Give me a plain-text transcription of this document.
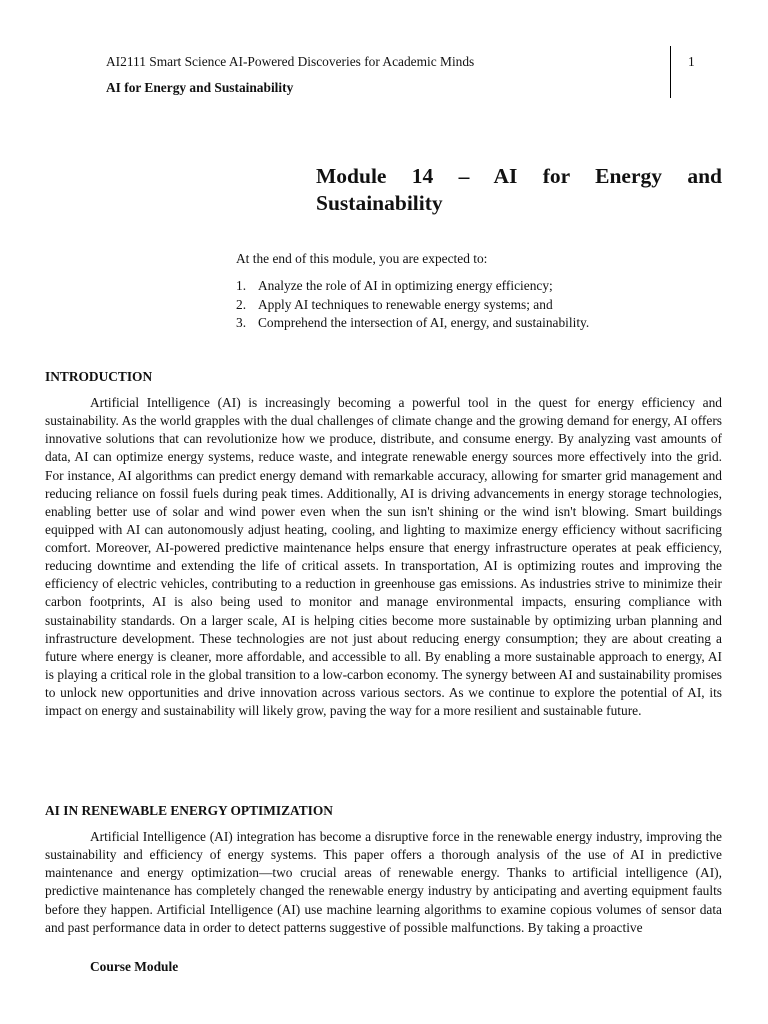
AI2111 Smart Science AI-Powered Discoveries for Academic Minds
AI for Energy and Sustainability
1
Module 14 – AI for Energy and Sustainability
At the end of this module, you are expected to:
1. Analyze the role of AI in optimizing energy efficiency;
2. Apply AI techniques to renewable energy systems; and
3. Comprehend the intersection of AI, energy, and sustainability.
INTRODUCTION

Artificial Intelligence (AI) is increasingly becoming a powerful tool in the quest for energy efficiency and sustainability. As the world grapples with the dual challenges of climate change and the growing demand for energy, AI offers innovative solutions that can revolutionize how we produce, distribute, and consume energy. By analyzing vast amounts of data, AI can optimize energy systems, reduce waste, and integrate renewable energy sources more effectively into the grid. For instance, AI algorithms can predict energy demand with remarkable accuracy, allowing for smarter grid management and reducing reliance on fossil fuels during peak times. Additionally, AI is driving advancements in energy storage technologies, enabling better use of solar and wind power even when the sun isn't shining or the wind isn't blowing. Smart buildings equipped with AI can autonomously adjust heating, cooling, and lighting to maximize energy efficiency without sacrificing comfort. Moreover, AI-powered predictive maintenance helps ensure that energy infrastructure operates at peak efficiency, reducing downtime and extending the life of critical assets. In transportation, AI is optimizing routes and improving the efficiency of electric vehicles, contributing to a reduction in greenhouse gas emissions. As industries strive to minimize their carbon footprints, AI is also being used to monitor and manage environmental impacts, ensuring compliance with sustainability standards. On a larger scale, AI is helping cities become more sustainable by optimizing urban planning and infrastructure development. These technologies are not just about reducing energy consumption; they are about creating a future where energy is cleaner, more affordable, and accessible to all. By enabling a more sustainable approach to energy, AI is playing a critical role in the global transition to a low-carbon economy. The synergy between AI and sustainability promises to unlock new opportunities and drive innovation across various sectors. As we continue to explore the potential of AI, its impact on energy and sustainability will likely grow, paving the way for a more resilient and sustainable future.

AI IN RENEWABLE ENERGY OPTIMIZATION

Artificial Intelligence (AI) integration has become a disruptive force in the renewable energy industry, improving the sustainability and efficiency of energy systems. This paper offers a thorough analysis of the use of AI in predictive maintenance and energy optimization—two crucial areas of renewable energy. Thanks to artificial intelligence (AI), predictive maintenance has completely changed the renewable energy industry by anticipating and averting equipment faults before they happen. Artificial Intelligence (AI) use machine learning algorithms to examine copious volumes of sensor data and past performance data in order to detect patterns suggestive of possible malfunctions. By taking a proactive

Course Module
